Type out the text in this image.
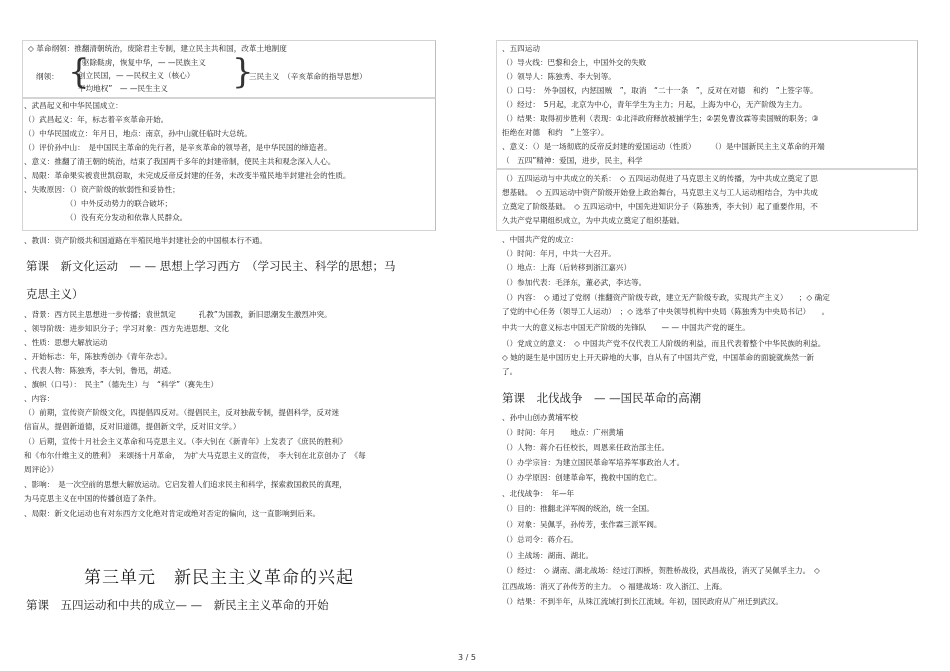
◇ 革命纲领：推翻清朝统治，废除君主专制，建立民主共和国，改革土地制度
纲领： {
“驱除鞑虏，恢复中华，— —民族主义
创立民国，— —民权主义（核心）
平均地权”　— —民生主义 }
三民主义　（辛亥革命的指导思想）
、武昌起义和中华民国成立：
（）武昌起义：年，标志着辛亥革命开始。
（）中华民国成立：年月日，地点：南京，孙中山就任临时大总统。
（）评价孙中山：　是中国民主革命的先行者，是辛亥革命的领导者，是中华民国的缔造者。
、意义：推翻了清王朝的统治，结束了我国两千多年的封建帝制，使民主共和观念深入人心。
、局限：革命果实被袁世凯窃取，未完成反帝反封建的任务，未改变半殖民地半封建社会的性质。
、失败原因：（）资产阶级的软弱性和妥协性；
　　　　　　（）中外反动势力的联合破坏；
　　　　　　（）没有充分发动和依靠人民群众。
、教训：资产阶级共和国道路在半殖民地半封建社会的中国根本行不通。
第课　新文化运动　— — 思想上学习西方　（学习民主、科学的思想；马
克思主义）
、背景：西方民主思想进一步传播；袁世凯定　　　孔教”为国教，新旧思潮发生激烈冲突。
、领导阶级：进步知识分子；学习对象：西方先进思想、文化
、性质：思想大解放运动
、开始标志：年，陈独秀创办《青年杂志》。
、代表人物：陈独秀，李大钊，鲁迅，胡适。
、旗帜（口号）：　民主”（德先生）与　“科学”（赛先生）
、内容：
（）前期，宣传资产阶级文化，四提倡四反对。（提倡民主，反对独裁专制，提倡科学，反对迷
信盲从，提倡新道德，反对旧道德，提倡新文学，反对旧文学。）
（）后期，宣传十月社会主义革命和马克思主义。（李大钊在《新青年》上发表了《庶民的胜利》
和《布尔什维主义的胜利》　来颂扬十月革命，　为扩大马克思主义的宣传，　李大钊在北京创办了　《每
周评论》）
、影响：　是一次空前的思想大解放运动。它启发着人们追求民主和科学，探索救国救民的真理，
为马克思主义在中国的传播创造了条件。
、局限：新文化运动也有对东西方文化绝对肯定或绝对否定的偏向，这一直影响到后来。
第三单元　新民主主义革命的兴起
第课　五四运动和中共的成立— —　新民主主义革命的开始
、五四运动
（）导火线：巴黎和会上，中国外交的失败
（）领导人：陈独秀、李大钊等。
（）口号：　外争国权，内惩国贼　”，取消　“二十一条　”，反对在对德　和约　”上签字等。
（）经过：　5月起，北京为中心，青年学生为主力；月起，上海为中心，无产阶级为主力。
（）结果：取得初步胜利（表现：①北洋政府释放被捕学生；②罢免曹汝霖等卖国贼的职务；③
拒绝在对德　和约　”上签字）。
、意义：（）是一场彻底的反帝反封建的爱国运动（性质）　　　（）是中国新民主主义革命的开端
（　五四”精神：爱国，进步，民主，科学
（）五四运动与中共成立的关系：　◇ 五四运动促进了马克思主义的传播，为中共成立奠定了思
想基础。　◇ 五四运动中资产阶级开始登上政治舞台，马克思主义与工人运动相结合，为中共成
立奠定了阶级基础。　◇ 五四运动中，中国先进知识分子（陈独秀，李大钊）起了重要作用，不
久共产党早期组织成立，为中共成立奠定了组织基础。
、中国共产党的成立：
（）时间：年月，中共一大召开。
（）地点：上海（后转移到浙江嘉兴）
（）参加代表：毛泽东，董必武，李达等。
（）内容：　◇ 通过了党纲（推翻资产阶级专政，建立无产阶级专政，实现共产主义）　　；◇ 确定
了党的中心任务（领导工人运动）　；◇ 选举了中央领导机构中央局（陈独秀为中央局书记）　　。
中共一大的意义标志中国无产阶级的先锋队　　— — 中国共产党的诞生。
（）党成立的意义：　◇ 中国共产党不仅代表工人阶级的利益，而且代表着整个中华民族的利益。
◇ 她的诞生是中国历史上开天辟地的大事，自从有了中国共产党，中国革命的面貌就焕然一新
了。
第课　北伐战争　— —国民革命的高潮
、孙中山创办黄埔军校
（）时间：年月　　地点：广州黄埔
（）人物：蒋介石任校长，周恩来任政治部主任。
（）办学宗旨：为建立国民革命军培养军事政治人才。
（）办学原因：创建革命军，挽救中国的危亡。
、北伐战争：　年—年
（）目的：推翻北洋军阀的统治，统一全国。
（）对象：吴佩孚，孙传芳，张作霖三派军阀。
（）总司令：蒋介石。
（）主战场：湖南、湖北。
（）经过：　◇ 湖南、湖北战场：经过汀泗桥，贺胜桥战役，武昌战役，消灭了吴佩孚主力。　◇
江西战场：消灭了孙传芳的主力。　◇ 福建战场：攻入浙江、上海。
（）结果：不到半年，从珠江流域打到长江流域。年初，国民政府从广州迁到武汉。
3 / 5
